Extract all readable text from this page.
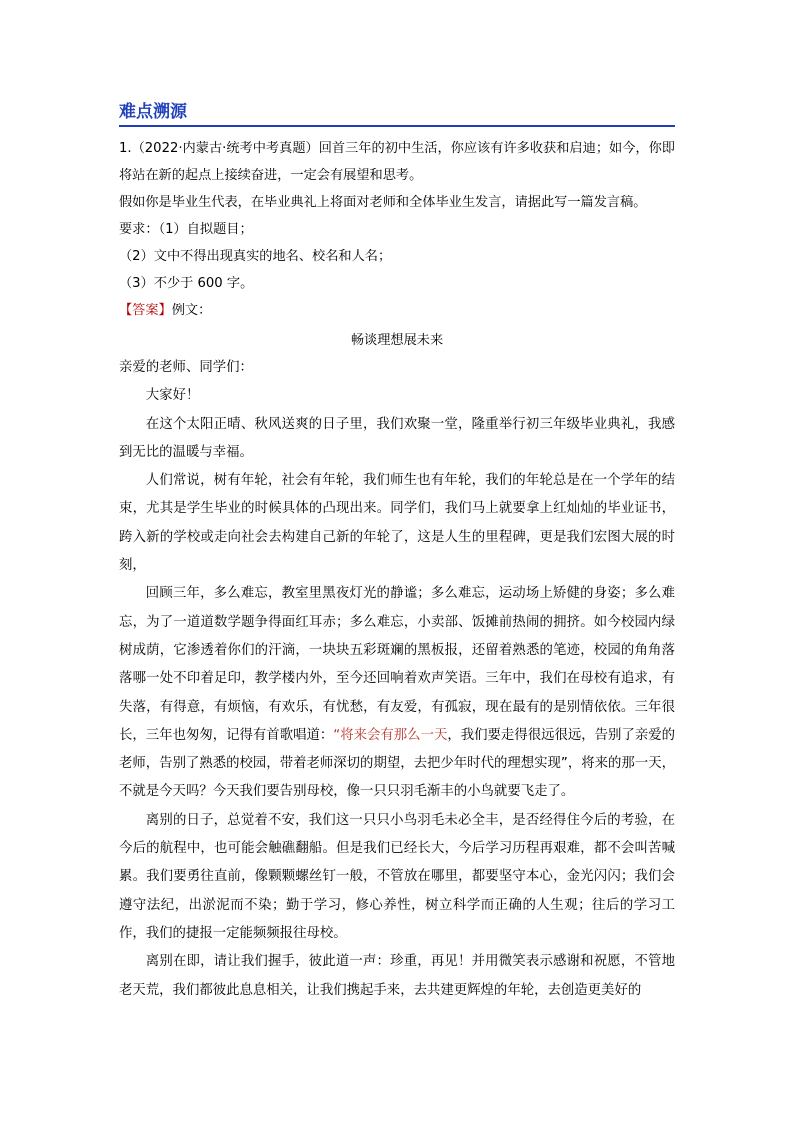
难点溯源

1.（2022·内蒙古·统考中考真题）回首三年的初中生活，你应该有许多收获和启迪；如今，你即将站在新的起点上接续奋进，一定会有展望和思考。

假如你是毕业生代表，在毕业典礼上将面对老师和全体毕业生发言，请据此写一篇发言稿。

要求：（1）自拟题目；

（2）文中不得出现真实的地名、校名和人名；

（3）不少于 600 字。

【答案】例文：

畅谈理想展未来

亲爱的老师、同学们：

大家好！

在这个太阳正晴、秋风送爽的日子里，我们欢聚一堂，隆重举行初三年级毕业典礼，我感到无比的温暖与幸福。

人们常说，树有年轮，社会有年轮，我们师生也有年轮，我们的年轮总是在一个学年的结束，尤其是学生毕业的时候具体的凸现出来。同学们，我们马上就要拿上红灿灿的毕业证书，跨入新的学校或走向社会去构建自己新的年轮了，这是人生的里程碑，更是我们宏图大展的时刻，

回顾三年，多么难忘，教室里黑夜灯光的静谧；多么难忘，运动场上矫健的身姿；多么难忘，为了一道道数学题争得面红耳赤；多么难忘，小卖部、饭摊前热闹的拥挤。如今校园内绿树成荫，它渗透着你们的汗滴，一块块五彩斑斓的黑板报，还留着熟悉的笔迹，校园的角角落落哪一处不印着足印，教学楼内外，至今还回响着欢声笑语。三年中，我们在母校有追求，有失落，有得意，有烦恼，有欢乐，有忧愁，有友爱，有孤寂，现在最有的是别情依依。三年很长，三年也匆匆，记得有首歌唱道：“将来会有那么一天，我们要走得很远很远，告别了亲爱的老师，告别了熟悉的校园，带着老师深切的期望，去把少年时代的理想实现”，将来的那一天，不就是今天吗？今天我们要告别母校，像一只只羽毛渐丰的小鸟就要飞走了。

离别的日子，总觉着不安，我们这一只只小鸟羽毛未必全丰，是否经得住今后的考验，在今后的航程中，也可能会触礁翻船。但是我们已经长大，今后学习历程再艰难，都不会叫苦喊累。我们要勇往直前，像颗颗螺丝钉一般，不管放在哪里，都要坚守本心，金光闪闪；我们会遵守法纪，出淤泥而不染；勤于学习，修心养性，树立科学而正确的人生观；往后的学习工作，我们的捷报一定能频频报往母校。

离别在即，请让我们握手，彼此道一声：珍重，再见！并用微笑表示感谢和祝愿，不管地老天荒，我们都彼此息息相关，让我们携起手来，去共建更辉煌的年轮，去创造更美好的
